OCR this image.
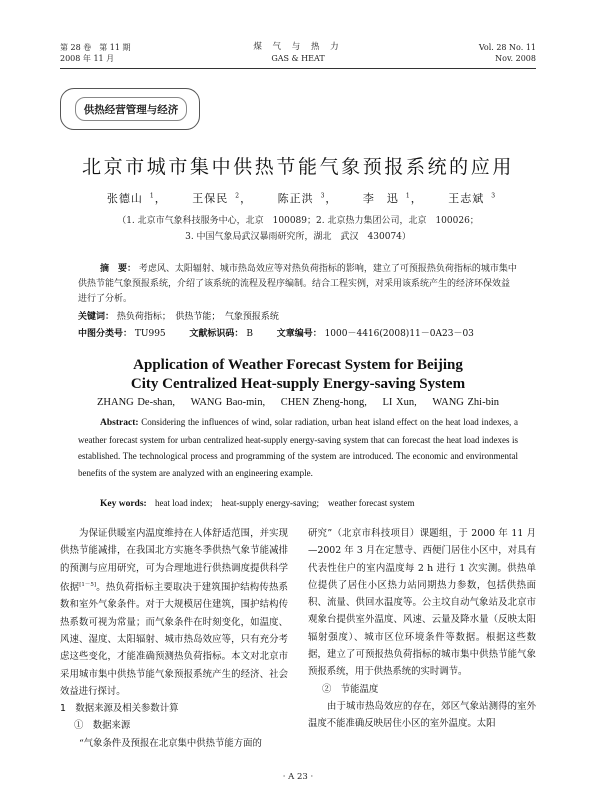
第 28 卷　第 11 期
2008 年 11 月
煤 气 与 热 力
GAS & HEAT
Vol. 28 No. 11
Nov. 2008
供热经营管理与经济
北京市城市集中供热节能气象预报系统的应用
张德山 $^1$， 王保民 $^2$， 陈正洪 $^3$， 李　迅 $^1$， 王志斌 $^3$
（1. 北京市气象科技服务中心，北京　100089；2. 北京热力集团公司，北京　100026；
3. 中国气象局武汉暴雨研究所，湖北　武汉　430074）
摘　要： 考虑风、太阳辐射、城市热岛效应等对热负荷指标的影响，建立了可预报热负荷指标的城市集中供热节能气象预报系统，介绍了该系统的流程及程序编制。结合工程实例，对采用该系统产生的经济环保效益进行了分析。
关键词： 热负荷指标；　供热节能；　气象预报系统
中图分类号： TU995	文献标识码： B	文章编号： 1000－4416(2008)11－0A23－03
Application of Weather Forecast System for Beijing
City Centralized Heat-supply Energy-saving System
ZHANG De-shan, WANG Bao-min, CHEN Zheng-hong, LI Xun, WANG Zhi-bin
Abstract: Considering the influences of wind, solar radiation, urban heat island effect on the heat load indexes, a weather forecast system for urban centralized heat-supply energy-saving system that can forecast the heat load indexes is established. The technological process and programming of the system are introduced. The economic and environmental benefits of the system are analyzed with an engineering example.
Key words: heat load index;　heat-supply energy-saving;　weather forecast system

为保证供暖室内温度维持在人体舒适范围，并实现供热节能减排，在我国北方实施冬季供热气象节能减排的预测与应用研究，可为合理地进行供热调度提供科学依据[1－5]。热负荷指标主要取决于建筑围护结构传热系数和室外气象条件。对于大规模居住建筑，围护结构传热系数可视为常量；而气象条件在时刻变化，如温度、风速、湿度、太阳辐射、城市热岛效应等，只有充分考虑这些变化，才能准确预测热负荷指标。本文对北京市采用城市集中供热节能气象预报系统产生的经济、社会效益进行探讨。

1　数据来源及相关参数计算

①　数据来源

“气象条件及预报在北京集中供热节能方面的

研究”（北京市科技项目）课题组，于 2000 年 11 月—2002 年 3 月在定慧寺、西便门居住小区中，对具有代表性住户的室内温度每 2 h 进行 1 次实测。供热单位提供了居住小区热力站同期热力参数，包括供热面积、流量、供回水温度等。公主坟自动气象站及北京市观象台提供室外温度、风速、云量及降水量（反映太阳辐射强度）、城市区位环境条件等数据。根据这些数据，建立了可预报热负荷指标的城市集中供热节能气象预报系统，用于供热系统的实时调节。

②　节能温度

由于城市热岛效应的存在，郊区气象站测得的室外温度不能准确反映居住小区的室外温度。太阳

· A 23 ·
